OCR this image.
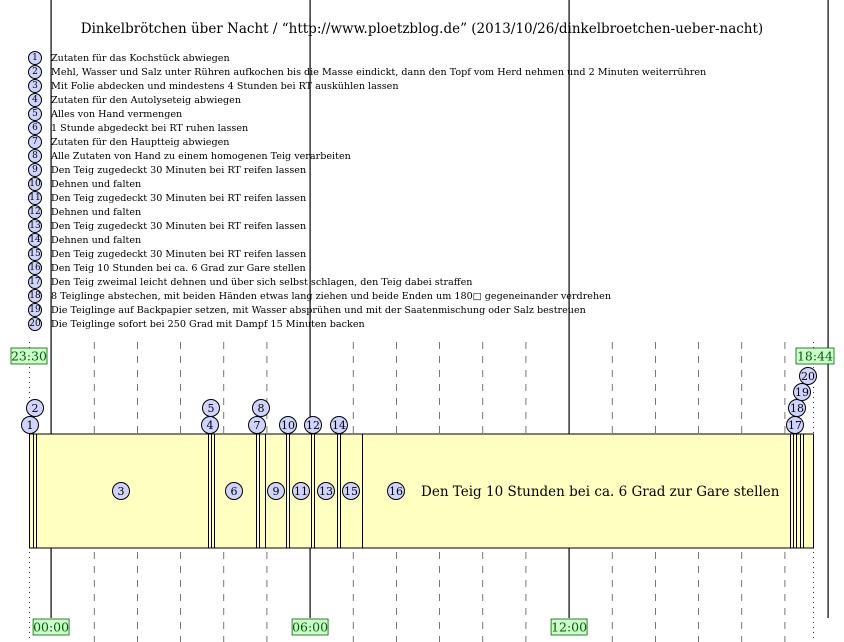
Dinkelbrötchen über Nacht / “http://www.ploetzblog.de” (2013/10/26/dinkelbroetchen-ueber-nacht)
1	Zutaten für das Kochstück abwiegen
2	Mehl, Wasser und Salz unter Rühren aufkochen bis die Masse eindickt, dann den Topf vom Herd nehmen und 2 Minuten weiterrühren
3	Mit Folie abdecken und mindestens 4 Stunden bei RT auskühlen lassen
4	Zutaten für den Autolyseteig abwiegen
5	Alles von Hand vermengen
6	1 Stunde abgedeckt bei RT ruhen lassen
7	Zutaten für den Hauptteig abwiegen
8	Alle Zutaten von Hand zu einem homogenen Teig verarbeiten
9	Den Teig zugedeckt 30 Minuten bei RT reifen lassen
10 Dehnen und falten
11 Den Teig zugedeckt 30 Minuten bei RT reifen lassen
12 Dehnen und falten
13 Den Teig zugedeckt 30 Minuten bei RT reifen lassen
14 Dehnen und falten
15 Den Teig zugedeckt 30 Minuten bei RT reifen lassen
16 Den Teig 10 Stunden bei ca. 6 Grad zur Gare stellen
17 Den Teig zweimal leicht dehnen und über sich selbst schlagen, den Teig dabei straffen
18 8 Teiglinge abstechen, mit beiden Händen etwas lang ziehen und beide Enden um 180□ gegeneinander verdrehen
19 Die Teiglinge auf Backpapier setzen, mit Wasser absprühen und mit der Saatenmischung oder Salz bestreuen
20 Die Teiglinge sofort bei 250 Grad mit Dampf 15 Minuten backen
1
2
4
5
7
8
10 12 14	17
18
19
20
3	6	9 11 13 15	16 Den Teig 10 Stunden bei ca. 6 Grad zur Gare stellen
23:30	18:44
00:00	06:00	12:00
